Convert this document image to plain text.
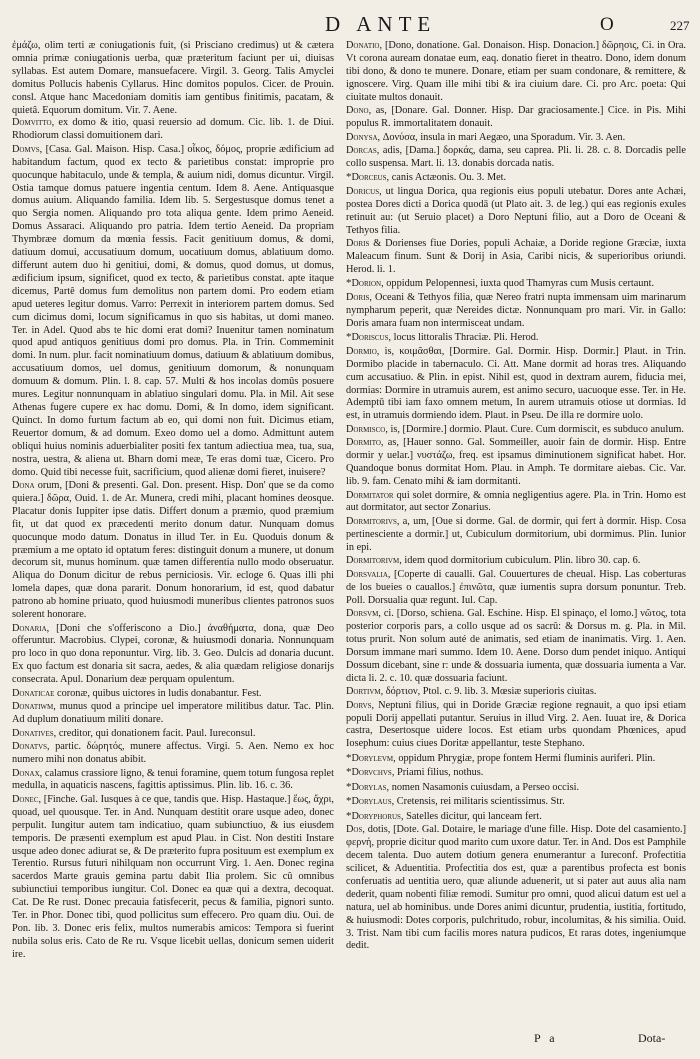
D ANTE	O	227

ἐμάζω, olim terti æ coniugationis fuit, (si Prisciano credimus) ut & cætera omnia primæ coniugationis uerba, quæ præteritum faciunt per ui, diuisas syllabas. Est autem Domare, mansuefacere. Virgil. 3. Georg. Talis Amyclei domitus Pollucis habenis Cyllarus. Hinc domitos populos. Cicer. de Prouin. consl. Atque hanc Macedoniam domitis iam gentibus finitimis, pacatam, & quietâ. Equorum domitum. Vir. 7. Aene.

Domvitto, ex domo & itio, quasi reuersio ad domum. Cic. lib. 1. de Diui. Rhodiorum classi domuitionem dari.

Domvs, [Casa. Gal. Maison. Hisp. Casa.] οἶκος, δόμος, proprie ædificium ad habitandum factum, quod ex tecto & parietibus constat: improprie pro quocunque habitaculo, unde & templa, & auium nidi, domus dicuntur. Virgil. Ostia tamque domus patuere ingentia centum. Idem 8. Aene. Antiquasque domus auium. Aliquando familia. Idem lib. 5. Sergestusque domus tenet a quo Sergia nomen. Aliquando pro tota aliqua gente. Idem primo Aeneid. Domus Assaraci. Aliquando pro patria. Idem tertio Aeneid. Da propriam Thymbræe domum da mœnia fessis. Facit genitiuum domus, & domi, datiuum domui, accusatiuum domum, uocatiuum domus, ablatiuum domo. differunt autem duo hi genitiui, domi, & domus, quod domus, ut domus, ædificium ipsum, significet, quod ex tecto, & parietibus constat. apte itaque dicemus, Partê domus fum demolitus non partem domi. Pro eodem etiam apud ueteres legitur domus. Varro: Perrexit in interiorem partem domus. Sed cum dicimus domi, locum significamus in quo sis habitas, ut domi maneo. Ter. in Adel. Quod abs te hic domi erat domi? Inuenitur tamen nominatum quod apud antiquos genitiuus domi pro domus. Pla. in Trin. Commeminit domi. In num. plur. facit nominatiuum domus, datiuum & ablatiuum domibus, accusatiuum domos, uel domus, genitiuum domorum, & nonunquam domuum & domum. Plin. l. 8. cap. 57. Multi & hos incolas domûs posuere mures. Legitur nonnunquam in ablatiuo singulari domu. Pla. in Mil. Ait sese Athenas fugere cupere ex hac domu. Domi, & In domo, idem significant. Quinct. In domo furtum factum ab eo, qui domi non fuit. Dicimus etiam, Reuertor domum, & ad domum. Exeo domo uel a domo. Admittunt autem obliqui huius nominis aduerbialiter positi fex tantum adiectiua mea, tua, sua, nostra, uestra, & aliena ut. Bharn domi meæ, Te eras domi tuæ, Cicero. Pro domo. Quid tibi necesse fuit, sacrificium, quod alienæ domi fieret, inuisere?

Dona orum, [Doni & presenti. Gal. Don. present. Hisp. Don' que se da como quiera.] δῶρα, Ouid. 1. de Ar. Munera, credi mihi, placant homines deosque. Placatur donis Iuppiter ipse datis. Differt donum a præmio, quod præmium fit, ut dat quod ex præcedenti merito donum datur. Nunquam domus quocunque modo datum. Donatus in illud Ter. in Eu. Quoduis donum & præmium a me optato id optatum feres: distinguit donum a munere, ut donum decorum sit, munus hominum. quæ tamen differentia nullo modo obseruatur. Aliqua do Donum dicitur de rebus perniciosis. Vir. ecloge 6. Quas illi phi lomela dapes, quæ dona pararit. Donum honorarium, id est, quod dabatur patrono ab homine priuato, quod huiusmodi muneribus clientes patronos suos solerent honorare.

Donaria, [Doni che s'offeriscono a Dio.] ἀναθήματα, dona, quæ Deo offeruntur. Macrobius. Clypei, coronæ, & huiusmodi donaria. Nonnunquam pro loco in quo dona reponuntur. Virg. lib. 3. Geo. Dulcis ad donaria ducunt. Ex quo factum est donaria sit sacra, aedes, & alia quædam religiose donarijs consecrata. Apul. Donarium deæ perquam opulentum.

Donaticae coronæ, quibus uictores in ludis donabantur. Fest.

Donatiwm, munus quod a principe uel imperatore militibus datur. Tac. Plin. Ad duplum donatiuum militi donare.

Donatives, creditor, qui donationem facit. Paul. Iureconsul.

Donatvs, partic. δώρητός, munere affectus. Virgi. 5. Aen. Nemo ex hoc numero mihi non donatus abibit.

Donax, calamus crassiore ligno, & tenui foramine, quem totum fungosa replet medulla, in aquaticis nascens, fagittis aptissimus. Plin. lib. 16. c. 36.

Donec, [Finche. Gal. Iusques à ce que, tandis que. Hisp. Hastaque.] ἕως, ἄχρι, quoad, uel quousque. Ter. in And. Nunquam destitit orare usque adeo, donec perpulit. Iungitur autem tam indicatiuo, quam subiunctiuo, & ius eiusdem temporis. De præsenti exemplum est apud Plau. in Cist. Non destiti Instare usque adeo donec adiurat se, & De præterito fupra posituum est exemplum ex Terentio. Rursus futuri nihilquam non occurrunt Virg. 1. Aen. Donec regina sacerdos Marte grauis gemina partu dabit Ilia prolem. Sic cû omnibus subiunctiui temporibus iungitur. Col. Donec ea quæ qui a dextra, decoquat. Cat. De Re rust. Donec precauia fatisfecerit, pecus & familia, pignori sunto. Ter. in Phor. Donec tibi, quod pollicitus sum effecero. Pro quam diu. Oui. de Pon. lib. 3. Donec eris felix, multos numerabis amicos: Tempora si fuerint nubila solus eris. Cato de Re ru. Vsque licebit uellas, donicum semen uiderit ire.

Donatio, [Dono, donatione. Gal. Donaison. Hisp. Donacion.] δῶρησις, Ci. in Ora. Vt corona auream donatae eum, eaq. donatio fieret in theatro. Dono, idem donum tibi dono, & dono te munere. Donare, etiam per suam condonare, & remittere, & ignoscere. Virg. Quam ille mihi tibi & ira ciuium dare. Ci. pro Arc. poeta: Qui ciuitate multos donauit.

Dono, as, [Donare. Gal. Donner. Hisp. Dar graciosamente.] Cice. in Pis. Mihi populus R. immortalitatem donauit.

Donysa, Δονύσα, insula in mari Aegæo, una Sporadum. Vir. 3. Aen.

Dorcas, adis, [Dama.] δορκάς, dama, seu caprea. Pli. li. 28. c. 8. Dorcadis pelle collo suspensa. Mart. li. 13. donabis dorcada natis.

*Dorceus, canis Actæonis. Ou. 3. Met.

Doricus, ut lingua Dorica, qua regionis eius populi utebatur. Dores ante Achæi, postea Dores dicti a Dorica quodā (ut Plato ait. 3. de leg.) qui eas regionis exules retinuit au: (ut Seruio placet) a Doro Neptuni filio, aut a Doro de Oceani & Tethyos filia.

Doris & Dorienses fiue Dories, populi Achaiæ, a Doride regione Græciæ, iuxta Maleacum finum. Sunt & Dorij in Asia, Caribi nicis, & superioribus oriundi. Herod. li. 1.

*Dorion, oppidum Pelopennesi, iuxta quod Thamyras cum Musis certaunt.

Doris, Oceani & Tethyos filia, quæ Nereo fratri nupta immensam uim marinarum nympharum peperit, quæ Nereides dictæ. Nonnunquam pro mari. Vir. in Gallo: Doris amara fuam non intermisceat undam.

*Doriscus, locus littoralis Thraciæ. Pli. Herod.

Dormio, is, κοιμᾶσθαι, [Dormire. Gal. Dormir. Hisp. Dormir.] Plaut. in Trin. Dormibo placide in tabernaculo. Ci. Att. Mane dormit ad horas tres. Aliquando cum accusatiuo. & Plin. in epist. Nihil est, quod in dextram aurem, fiducia mei, dormias: Dormire in utramuis aurem, est animo securo, uacuoque esse. Ter. in He. Ademptū tibi iam faxo omnem metum, In aurem utramuis otiose ut dormias. Id est, in utramuis dormiendo idem. Plaut. in Pseu. De illa re dormire uolo.

Dormisco, is, [Dormire.] dormio. Plaut. Cure. Cum dormiscit, es subduco anulum.

Dormito, as, [Hauer sonno. Gal. Sommeiller, auoir fain de dormir. Hisp. Entre dormir y uelar.] νυστάζω, freq. est ipsamus diminutionem significat habet. Hor. Quandoque bonus dormitat Hom. Plau. in Amph. Te dormitare aiebas. Cic. Var. lib. 9. fam. Cenato mihi & iam dormitanti.

Dormitator qui solet dormire, & omnia negligentius agere. Pla. in Trin. Homo est aut dormitator, aut sector Zonarius.

Dormitorivs, a, um, [Oue si dorme. Gal. de dormir, qui fert à dormir. Hisp. Cosa pertinesciente a dormir.] ut, Cubiculum dormitorium, ubi dormimus. Plin. Iunior in epi.

Dormitorivm, idem quod dormitorium cubiculum. Plin. libro 30. cap. 6.

Dorsvalia, [Coperte di caualli. Gal. Couuertures de cheual. Hisp. Las coberturas de los bueies o cauallos.] ἐπινῶτα, quæ iumentis supra dorsum ponuntur. Treb. Poll. Dorsualia quæ regunt. Iul. Cap.

Dorsvm, ci. [Dorso, schiena. Gal. Eschine. Hisp. El spinaço, el lomo.] νῶτος, tota posterior corporis pars, a collo usque ad os sacrû: & Dorsus m. g. Pla. in Mil. totus prurit. Non solum auté de animatis, sed etiam de inanimatis. Virg. 1. Aen. Dorsum immane mari summo. Idem 10. Aene. Dorso dum pendet iniquo. Antiqui Dossum dicebant, sine r: unde & dossuaria iumenta, quæ dossuaria iumenta a Var. dicta li. 2. c. 10. quæ dossuaria faciunt.

Dortivm, δόρτιον, Ptol. c. 9. lib. 3. Mœsiæ superioris ciuitas.

Dorvs, Neptuni filius, qui in Doride Græciæ regione regnauit, a quo ipsi etiam populi Dorij appellati putantur. Seruius in illud Virg. 2. Aen. Iuuat ire, & Dorica castra, Desertosque uidere locos. Est etiam urbs quondam Phœnices, apud Iosephum: cuius ciues Doritæ appellantur, teste Stephano.

*Dorylevm, oppidum Phrygiæ, prope fontem Hermi fluminis auriferi. Plin.

*Dorvchvs, Priami filius, nothus.

*Dorylas, nomen Nasamonis cuiusdam, a Perseo occisi.

*Dorylaus, Cretensis, rei militaris scientissimus. Str.

*Doryphorus, Satelles dicitur, qui lanceam fert.

Dos, dotis, [Dote. Gal. Dotaire, le mariage d'une fille. Hisp. Dote del casamiento.] φερνή, proprie dicitur quod marito cum uxore datur. Ter. in And. Dos est Pamphile decem talenta. Duo autem dotium genera enumerantur a Iureconf. Profectitia scilicet, & Aduentitia. Profectitia dos est, quæ a parentibus profecta est bonis conferuatis ad uentitia uero, quæ aliunde aduenerit, ut si pater aut auus alia nam dederit, quam nobenti filiæ remodi. Sumitur pro omni, quod alicui datum est uel a natura, uel ab hominibus. unde Dores animi dicuntur, prudentia, iustitia, fortitudo, & huiusmodi: Dotes corporis, pulchritudo, robur, incolumitas, & his similia. Ouid. 3. Trist. Nam tibi cum facilis mores natura pudicos, Et raras dotes, ingeniumque dedit.

P a	Dota-
